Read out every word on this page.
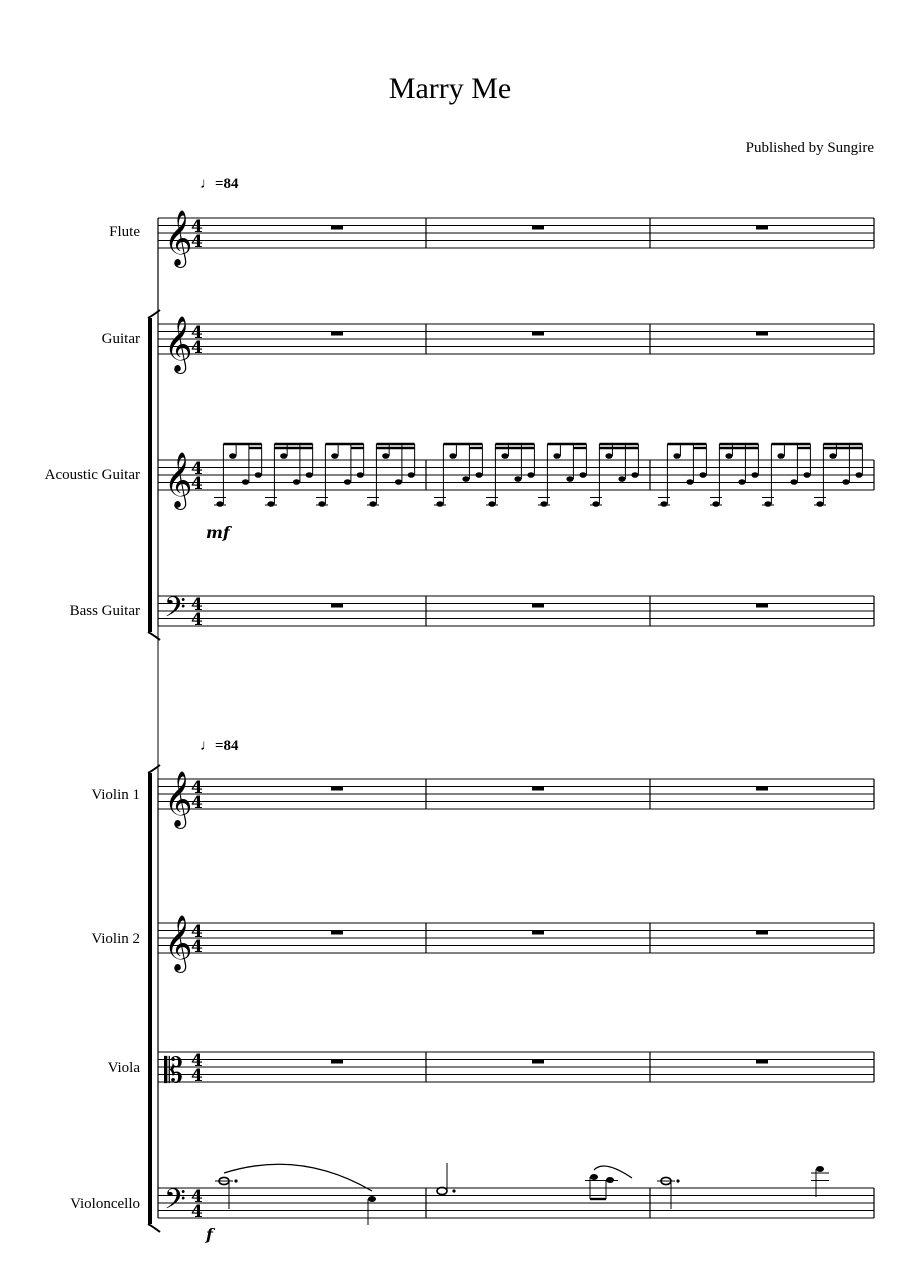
Marry Me
Published by Sungire
♩=84
♩=84
Flute
Guitar
Acoustic Guitar
Bass Guitar
Violin 1
Violin 2
Viola
Violoncello
𝄞
4
4
𝄞
4
4
𝄞
4
4
mf
𝄢 4
4
𝄞
4
4
𝄞
4
4
𝄡 4
4
𝄢 4
4
f
